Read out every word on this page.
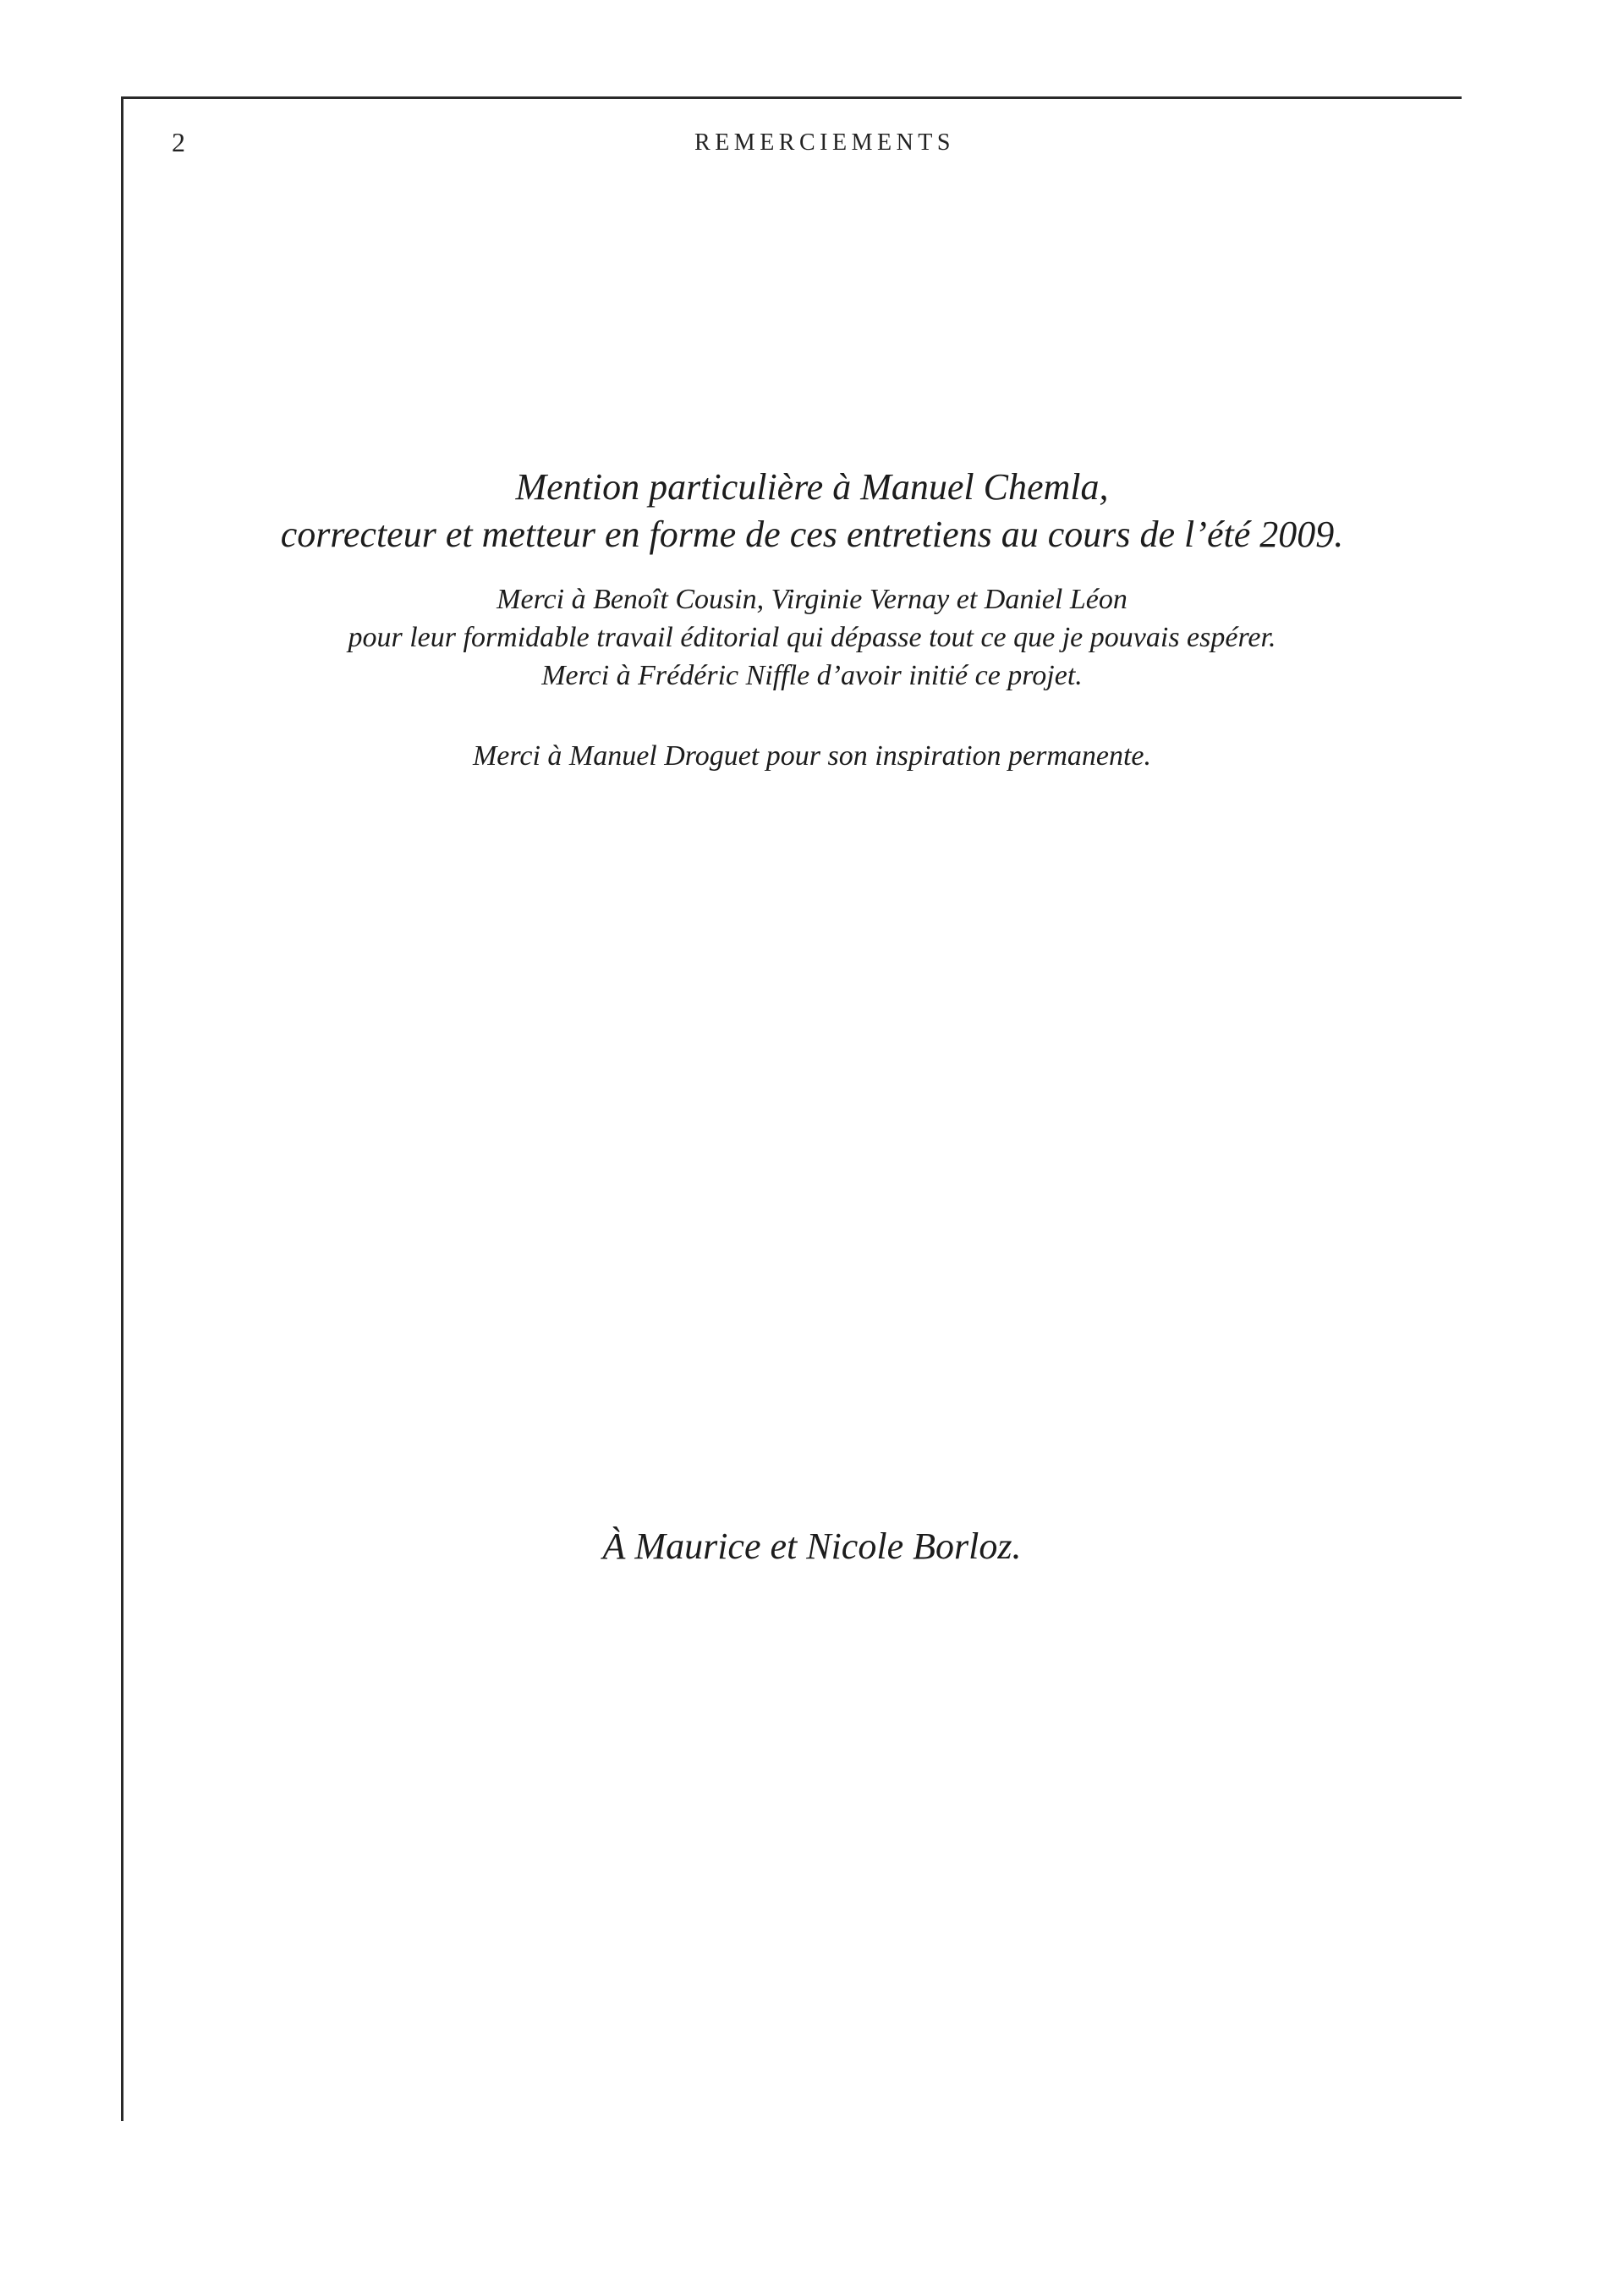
2	REMERCIEMENTS

Mention particulière à Manuel Chemla,

correcteur et metteur en forme de ces entretiens au cours de l’été 2009.

Merci à Benoît Cousin, Virginie Vernay et Daniel Léon

pour leur formidable travail éditorial qui dépasse tout ce que je pouvais espérer.

Merci à Frédéric Niffle d’avoir initié ce projet.

Merci à Manuel Droguet pour son inspiration permanente.
À Maurice et Nicole Borloz.
